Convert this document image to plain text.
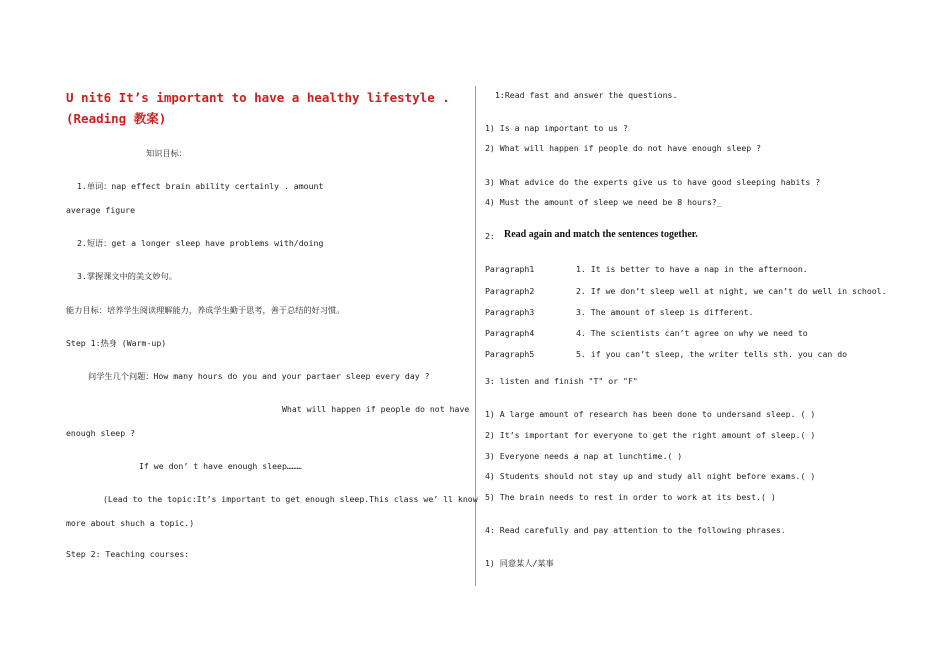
U nit6 It’s important to have a healthy lifestyle .(Reading 教案)
知识目标：
1.单词：nap effect brain ability certainly . amount
average figure
2.短语：get a longer sleep have problems with/doing
3.掌握课文中的美文妙句。
能力目标：培养学生阅读理解能力，养成学生勤于思考，善于总结的好习惯。
Step 1:热身 (Warm-up)
问学生几个问题：How many hours do you and your partaer sleep every day ?
What will happen if people do not have
enough sleep ?
If we don’ t have enough sleep………
(Lead to the topic:It’s important to get enough sleep.This class we’ ll know
more about shuch a topic.)
Step 2: Teaching courses:
1:Read fast and answer the questions.
1) Is a nap important to us ?
2) What will happen if people do not have enough sleep ?
3) What advice do the experts give us to have good sleeping habits ?
4) Must the amount of sleep we need be 8 hours?_
2: Read again and match the sentences together.
Paragraph1	1. It is better to have a nap in the afternoon.
Paragraph2	2. If we don’t sleep well at night, we can’t do well in school.
Paragraph3	3. The amount of sleep is different.
Paragraph4	4. The scientists can’t agree on why we need to
Paragraph5	5. if you can’t sleep, the writer tells sth. you can do
3: listen and finish "T" or "F"
1) A large amount of research has been done to undersand sleep. ( )
2) It’s important for everyone to get the right amount of sleep.( )
3) Everyone needs a nap at lunchtime.( )
4) Students should not stay up and study all night before exams.( )
5) The brain needs to rest in order to work at its best.( )
4: Read carefully and pay attention to the following phrases.
1) 同意某人/某事
